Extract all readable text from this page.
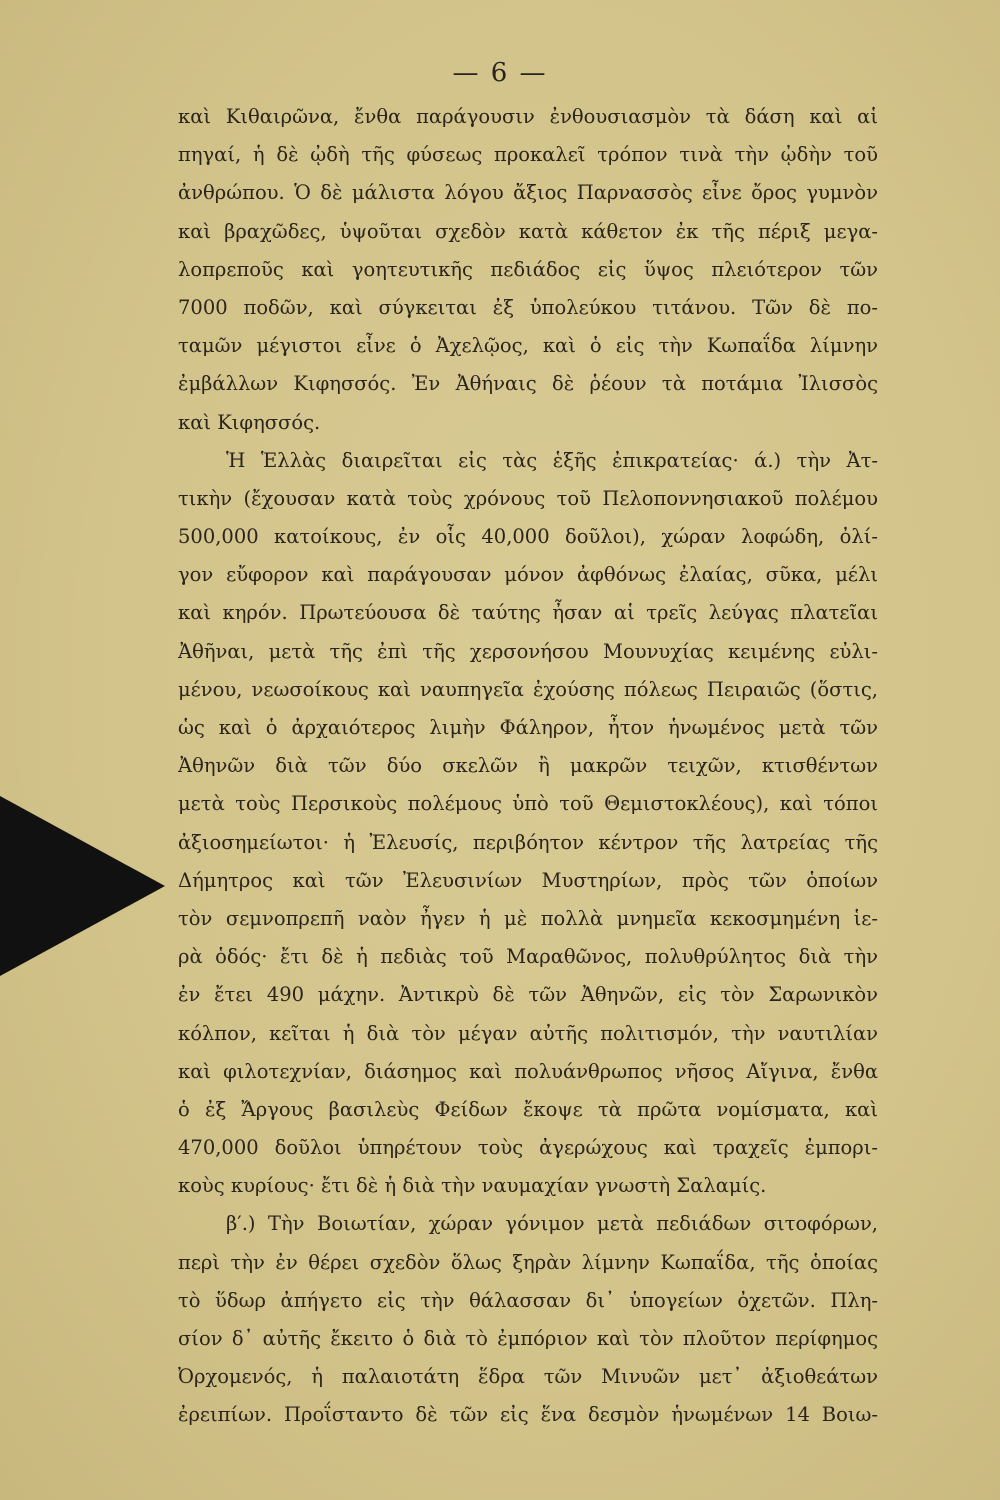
— 6 —
καὶ Κιθαιρῶνα, ἔνθα παράγουσιν ἐνθουσιασμὸν τὰ δάση καὶ αἱ
πηγαί, ἡ δὲ ᾠδὴ τῆς φύσεως προκαλεῖ τρόπον τινὰ τὴν ᾠδὴν τοῦ
ἀνθρώπου. Ὁ δὲ μάλιστα λόγου ἄξιος Παρνασσὸς εἶνε ὄρος γυμνὸν
καὶ βραχῶδες, ὑψοῦται σχεδὸν κατὰ κάθετον ἐκ τῆς πέριξ μεγα-
λοπρεποῦς καὶ γοητευτικῆς πεδιάδος εἰς ὕψος πλειότερον τῶν
7000 ποδῶν, καὶ σύγκειται ἐξ ὑπολεύκου τιτάνου. Τῶν δὲ πο-
ταμῶν μέγιστοι εἶνε ὁ Ἀχελῷος, καὶ ὁ εἰς τὴν Κωπαΐδα λίμνην
ἐμβάλλων Κιφησσός. Ἐν Ἀθήναις δὲ ῥέουν τὰ ποτάμια Ἰλισσὸς
καὶ Κιφησσός.
Ἡ Ἑλλὰς διαιρεῖται εἰς τὰς ἑξῆς ἐπικρατείας· ά.) τὴν Ἀτ-
τικὴν (ἔχουσαν κατὰ τοὺς χρόνους τοῦ Πελοποννησιακοῦ πολέμου
500,000 κατοίκους, ἐν οἷς 40,000 δοῦλοι), χώραν λοφώδη, ὀλί-
γον εὔφορον καὶ παράγουσαν μόνον ἀφθόνως ἐλαίας, σῦκα, μέλι
καὶ κηρόν. Πρωτεύουσα δὲ ταύτης ἦσαν αἱ τρεῖς λεύγας πλατεῖαι
Ἀθῆναι, μετὰ τῆς ἐπὶ τῆς χερσονήσου Μουνυχίας κειμένης εὐλι-
μένου, νεωσοίκους καὶ ναυπηγεῖα ἐχούσης πόλεως Πειραιῶς (ὅστις,
ὡς καὶ ὁ ἀρχαιότερος λιμὴν Φάληρον, ἦτον ἡνωμένος μετὰ τῶν
Ἀθηνῶν διὰ τῶν δύο σκελῶν ἢ μακρῶν τειχῶν, κτισθέντων
μετὰ τοὺς Περσικοὺς πολέμους ὑπὸ τοῦ Θεμιστοκλέους), καὶ τόποι
ἀξιοσημείωτοι· ἡ Ἐλευσίς, περιβόητον κέντρον τῆς λατρείας τῆς
Δήμητρος καὶ τῶν Ἐλευσινίων Μυστηρίων, πρὸς τῶν ὁποίων
τὸν σεμνοπρεπῆ ναὸν ἦγεν ἡ μὲ πολλὰ μνημεῖα κεκοσμημένη ἱε-
ρὰ ὁδός· ἔτι δὲ ἡ πεδιὰς τοῦ Μαραθῶνος, πολυθρύλητος διὰ τὴν
ἐν ἔτει 490 μάχην. Ἀντικρὺ δὲ τῶν Ἀθηνῶν, εἰς τὸν Σαρωνικὸν
κόλπον, κεῖται ἡ διὰ τὸν μέγαν αὐτῆς πολιτισμόν, τὴν ναυτιλίαν
καὶ φιλοτεχνίαν, διάσημος καὶ πολυάνθρωπος νῆσος Αἴγινα, ἔνθα
ὁ ἐξ Ἄργους βασιλεὺς Φείδων ἔκοψε τὰ πρῶτα νομίσματα, καὶ
470,000 δοῦλοι ὑπηρέτουν τοὺς ἀγερώχους καὶ τραχεῖς ἐμπορι-
κοὺς κυρίους· ἔτι δὲ ἡ διὰ τὴν ναυμαχίαν γνωστὴ Σαλαμίς.
β′.) Τὴν Βοιωτίαν, χώραν γόνιμον μετὰ πεδιάδων σιτοφόρων,
περὶ τὴν ἐν θέρει σχεδὸν ὅλως ξηρὰν λίμνην Κωπαΐδα, τῆς ὁποίας
τὸ ὕδωρ ἀπήγετο εἰς τὴν θάλασσαν δι᾽ ὑπογείων ὀχετῶν. Πλη-
σίον δ᾽ αὐτῆς ἔκειτο ὁ διὰ τὸ ἐμπόριον καὶ τὸν πλοῦτον περίφημος
Ὀρχομενός, ἡ παλαιοτάτη ἕδρα τῶν Μινυῶν μετ᾽ ἀξιοθεάτων
ἐρειπίων. Προΐσταντο δὲ τῶν εἰς ἕνα δεσμὸν ἡνωμένων 14 Βοιω-
